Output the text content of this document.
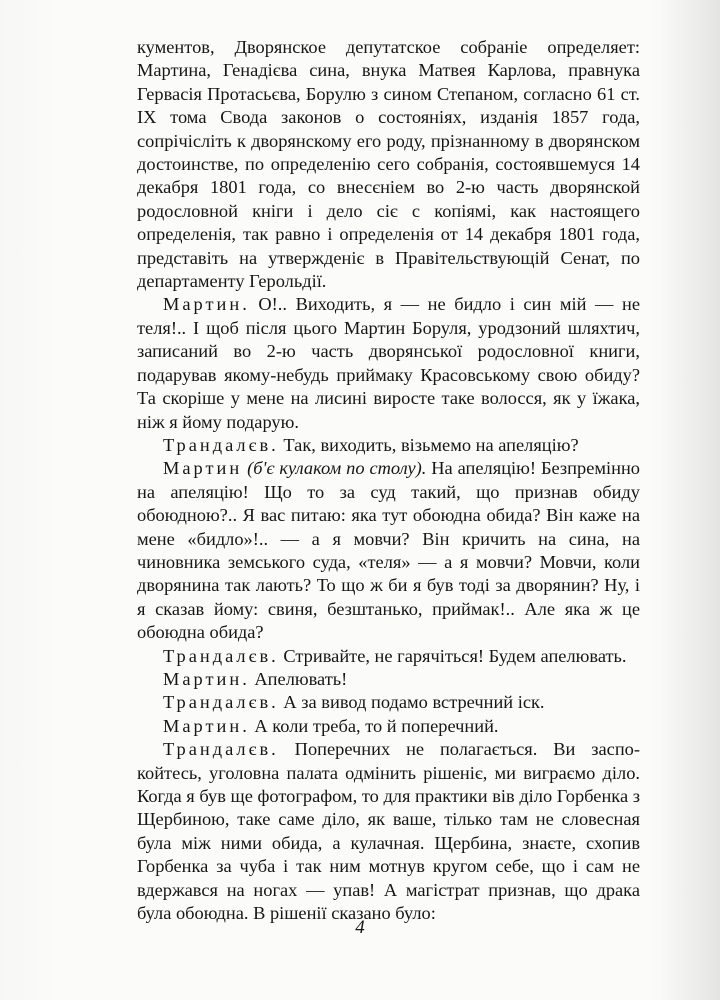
кументов, Дворянское депутатское собраніе определяет: Мартина, Генадієва сина, внука Матвея Карлова, правнука Гервасія Протасьєва, Борулю з сином Степаном, согласно 61 ст. IX тома Свода законов о состояніях, изданія 1857 года, сопрічісліть к дворянскому его роду, прізнанному в дворянском достоинстве, по определенію сего собранія, состоявшемуся 14 декабря 1801 года, со внесєніем во 2-ю часть дворянской родословной кніги і дело сіє с копіямі, как настоящего определенія, так равно і определенія от 14 декабря 1801 года, представіть на утвержденіє в Правітельствующій Сенат, по департаменту Герольдії.

Мартин. О!.. Виходить, я — не бидло і син мій — не теля!.. І щоб після цього Мартин Боруля, уродзоний шляхтич, записаний во 2-ю часть дворянської родословної книги, подарував якому-небудь приймаку Красовському свою обиду? Та скоріше у мене на лисині виросте таке волосся, як у їжака, ніж я йому подарую.

Трандалєв. Так, виходить, візьмемо на апеляцію?

Мартин (б'є кулаком по столу). На апеляцію! Безпремінно на апеляцію! Що то за суд такий, що признав обиду обоюдною?.. Я вас питаю: яка тут обоюдна обида? Він каже на мене «бидло»!.. — а я мовчи? Він кричить на сина, на чиновника земського суда, «теля» — а я мовчи? Мовчи, коли дворянина так лають? То що ж би я був тоді за дворянин? Ну, і я сказав йому: свиня, безштанько, приймак!.. Але яка ж це обоюдна обида?

Трандалєв. Стривайте, не гарячіться! Будем апелювать.

Мартин. Апелювать!

Трандалєв. А за вивод подамо встречний іск.

Мартин. А коли треба, то й поперечний.

Трандалєв. Поперечних не полагається. Ви заспокойтесь, уголовна палата одмінить рішеніє, ми виграємо діло. Когда я був ще фотографом, то для практики вів діло Горбенка з Щербиною, таке саме діло, як ваше, тілько там не словесная була між ними обида, а кулачная. Щербина, знаєте, схопив Горбенка за чуба і так ним мотнув кругом себе, що і сам не вдержався на ногах — упав! А магістрат признав, що драка була обоюдна. В рішенії сказано було:

4
